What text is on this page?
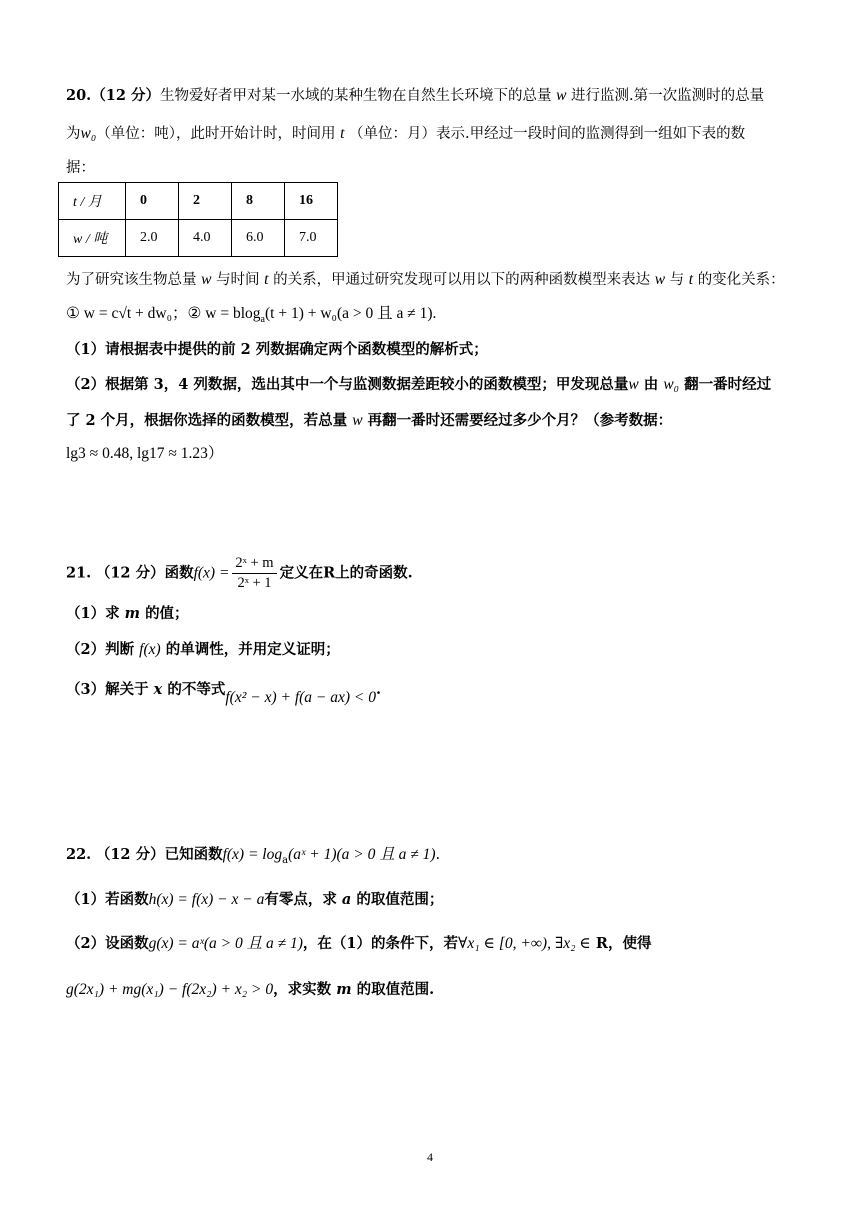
20.（12 分）生物爱好者甲对某一水域的某种生物在自然生长环境下的总量 w 进行监测.第一次监测时的总量
为w₀（单位：吨），此时开始计时，时间用 t （单位：月）表示.甲经过一段时间的监测得到一组如下表的数
据：
t / 月	0	2	8	16
w / 吨	2.0	4.0	6.0	7.0
为了研究该生物总量 w 与时间 t 的关系，甲通过研究发现可以用以下的两种函数模型来表达 w 与 t 的变化关系：
① w = c√t + dw₀；② w = blog$_a$(t + 1) + w₀(a > 0 且 a ≠ 1).
（1）请根据表中提供的前 2 列数据确定两个函数模型的解析式；
（2）根据第 3，4 列数据，选出其中一个与监测数据差距较小的函数模型；甲发现总量w 由 w₀ 翻一番时经过
了 2 个月，根据你选择的函数模型，若总量 w 再翻一番时还需要经过多少个月？（参考数据：
lg3 ≈ 0.48, lg17 ≈ 1.23）
21. （12 分）函数$f(x) = \frac{\text{2ˣ + m}}{\text{2ˣ + 1}}$ 定义在R上的奇函数.
（1）求 m 的值；
（2）判断 f(x) 的单调性，并用定义证明；
（3）解关于 x 的不等式f(x² − x) + f(a − ax) < 0.
22. （12 分）已知函数$f(x) = \log_a(aˣ + 1)(a > 0$ 且 a ≠ 1).
（1）若函数h(x) = f(x) − x − a有零点，求 a 的取值范围；
（2）设函数g(x) = aˣ(a > 0 且 a ≠ 1)，在（1）的条件下，若∀x₁ ∈ [0, +∞), ∃x₂ ∈ R，使得
g(2x₁) + mg(x₁) − f(2x₂) + x₂ > 0，求实数 m 的取值范围.
4
